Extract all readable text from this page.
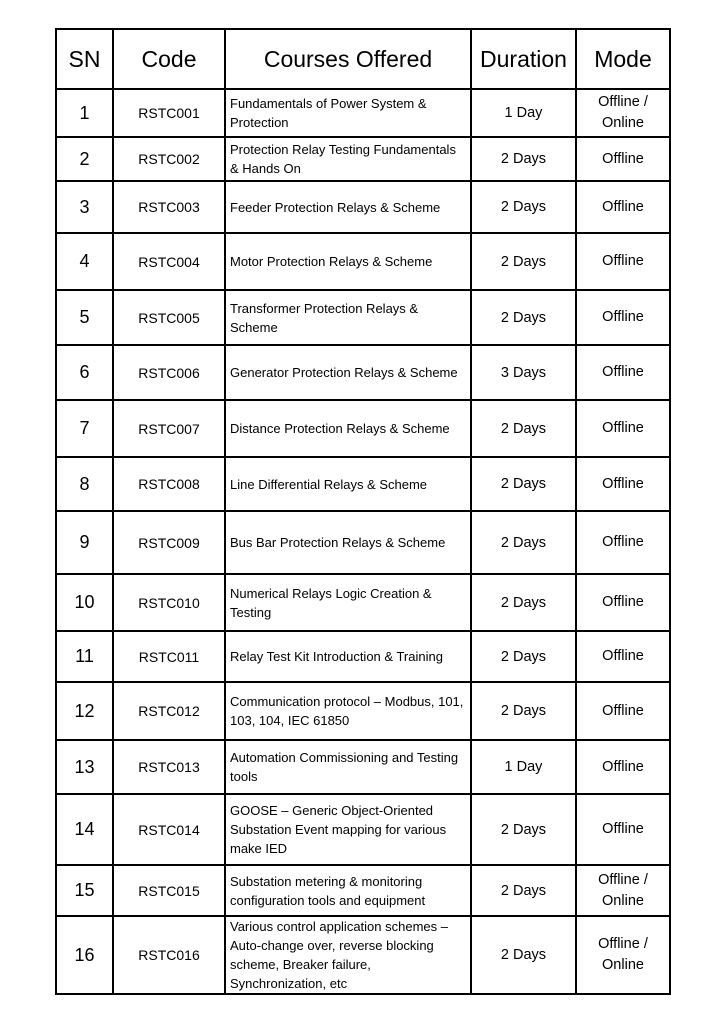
SN	Code	Courses Offered	Duration	Mode
1	RSTC001	Fundamentals of Power System & Protection	1 Day	Offline / Online
2	RSTC002	Protection Relay Testing Fundamentals & Hands On	2 Days	Offline
3	RSTC003	Feeder Protection Relays & Scheme	2 Days	Offline
4	RSTC004	Motor Protection Relays & Scheme	2 Days	Offline
5	RSTC005	Transformer Protection Relays & Scheme	2 Days	Offline
6	RSTC006	Generator Protection Relays & Scheme	3 Days	Offline
7	RSTC007	Distance Protection Relays & Scheme	2 Days	Offline
8	RSTC008	Line Differential Relays & Scheme	2 Days	Offline
9	RSTC009	Bus Bar Protection Relays & Scheme	2 Days	Offline
10	RSTC010	Numerical Relays Logic Creation & Testing	2 Days	Offline
11	RSTC011	Relay Test Kit Introduction & Training	2 Days	Offline
12	RSTC012	Communication protocol – Modbus, 101, 103, 104, IEC 61850	2 Days	Offline
13	RSTC013	Automation Commissioning and Testing tools	1 Day	Offline
14	RSTC014	GOOSE – Generic Object-Oriented Substation Event mapping for various make IED	2 Days	Offline
15	RSTC015	Substation metering & monitoring configuration tools and equipment	2 Days	Offline / Online
16	RSTC016	Various control application schemes – Auto-change over, reverse blocking scheme, Breaker failure, Synchronization, etc	2 Days	Offline / Online
